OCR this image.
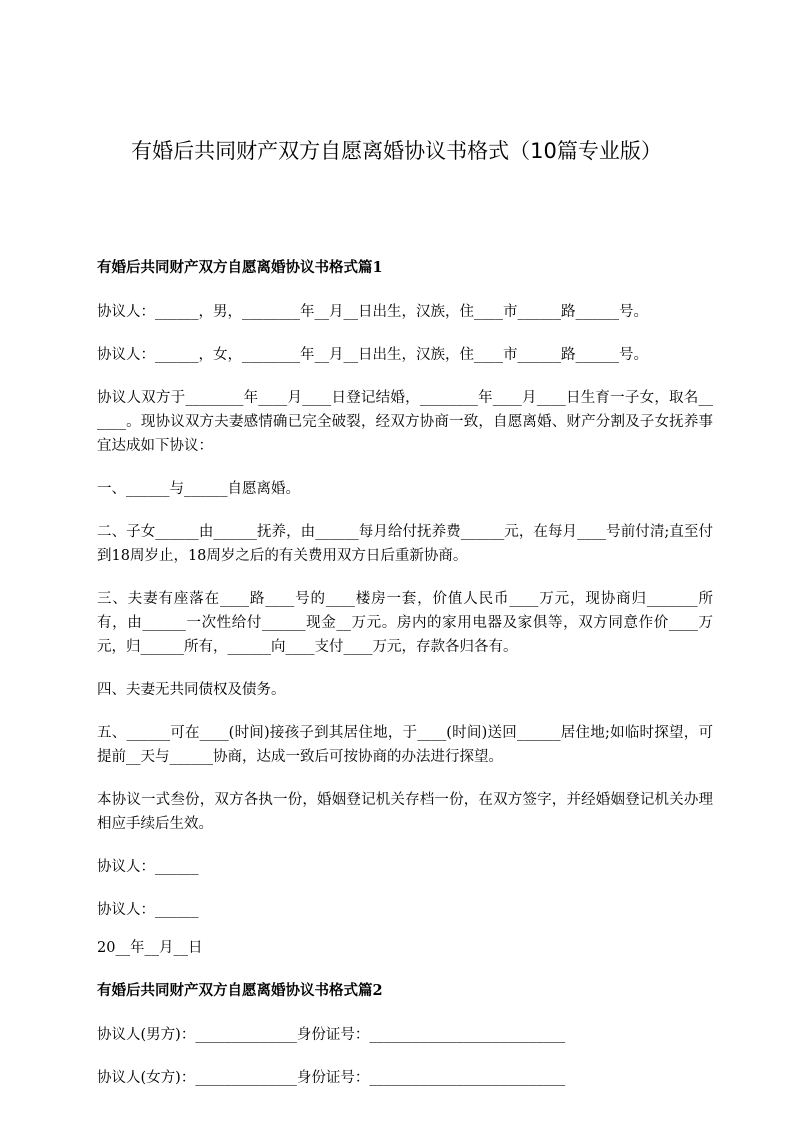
有婚后共同财产双方自愿离婚协议书格式（10篇专业版）
有婚后共同财产双方自愿离婚协议书格式篇1

协议人：______，男，________年__月__日出生，汉族，住____市______路______号。

协议人：______，女，________年__月__日出生，汉族，住____市______路______号。

协议人双方于________年____月____日登记结婚，________年____月____日生育一子女，取名______。现协议双方夫妻感情确已完全破裂，经双方协商一致，自愿离婚、财产分割及子女抚养事宜达成如下协议：

一、______与______自愿离婚。

二、子女______由______抚养，由______每月给付抚养费______元，在每月____号前付清;直至付到18周岁止，18周岁之后的有关费用双方日后重新协商。

三、夫妻有座落在____路____号的____楼房一套，价值人民币____万元，现协商归_______所有，由______一次性给付______现金__万元。房内的家用电器及家俱等，双方同意作价____万元，归______所有，______向____支付____万元，存款各归各有。

四、夫妻无共同债权及债务。

五、______可在____(时间)接孩子到其居住地，于____(时间)送回______居住地;如临时探望，可提前__天与______协商，达成一致后可按协商的办法进行探望。

本协议一式叁份，双方各执一份，婚姻登记机关存档一份，在双方签字，并经婚姻登记机关办理相应手续后生效。

协议人：______

协议人：______

20__年__月__日

有婚后共同财产双方自愿离婚协议书格式篇2

协议人(男方)：______________身份证号：___________________________

协议人(女方)：______________身份证号：___________________________
